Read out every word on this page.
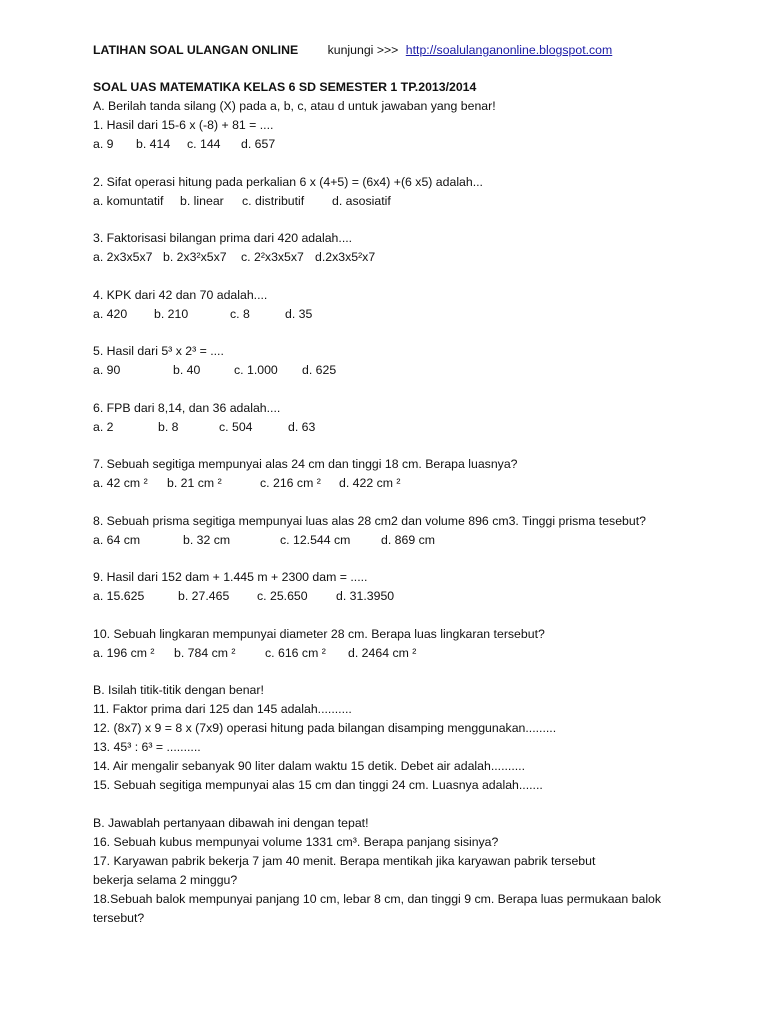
LATIHAN SOAL ULANGAN ONLINE kunjungi >>> http://soalulanganonline.blogspot.com
SOAL UAS MATEMATIKA KELAS 6 SD SEMESTER 1 TP.2013/2014
A. Berilah tanda silang (X) pada a, b, c, atau d untuk jawaban yang benar!
1. Hasil dari 15-6 x (-8) + 81 = ....
a. 9	b. 414	c. 144	d. 657
2. Sifat operasi hitung pada perkalian 6 x (4+5) = (6x4) +(6 x5) adalah...
a. komuntatif	b. linear	c. distributif	d. asosiatif
3. Faktorisasi bilangan prima dari 420 adalah....
a. 2x3x5x7 b. 2x3²x5x7	c. 2²x3x5x7 d.2x3x5²x7
4. KPK dari 42 dan 70 adalah....
a. 420	b. 210	c. 8	d. 35
5. Hasil dari 5³ x 2³ = ....
a. 90	b. 40	c. 1.000	d. 625
6. FPB dari 8,14, dan 36 adalah....
a. 2	b. 8	c. 504	d. 63
7. Sebuah segitiga mempunyai alas 24 cm dan tinggi 18 cm. Berapa luasnya?
a. 42 cm ²	b. 21 cm ²	c. 216 cm ²	d. 422 cm ²
8. Sebuah prisma segitiga mempunyai luas alas 28 cm2 dan volume 896 cm3. Tinggi prisma tesebut?
a. 64 cm	b. 32 cm	c. 12.544 cm	d. 869 cm
9. Hasil dari 152 dam + 1.445 m + 2300 dam = .....
a. 15.625	b. 27.465	c. 25.650	d. 31.3950
10. Sebuah lingkaran mempunyai diameter 28 cm. Berapa luas lingkaran tersebut?
a. 196 cm ²	b. 784 cm ²	c. 616 cm ²	d. 2464 cm ²
B. Isilah titik-titik dengan benar!
11. Faktor prima dari 125 dan 145 adalah..........
12. (8x7) x 9 = 8 x (7x9) operasi hitung pada bilangan disamping menggunakan.........
13. 45³ : 6³ = ..........
14. Air mengalir sebanyak 90 liter dalam waktu 15 detik. Debet air adalah..........
15. Sebuah segitiga mempunyai alas 15 cm dan tinggi 24 cm. Luasnya adalah.......
B. Jawablah pertanyaan dibawah ini dengan tepat!
16. Sebuah kubus mempunyai volume 1331 cm³. Berapa panjang sisinya?
17. Karyawan pabrik bekerja 7 jam 40 menit. Berapa mentikah jika karyawan pabrik tersebut bekerja selama 2 minggu?
18.Sebuah balok mempunyai panjang 10 cm, lebar 8 cm, dan tinggi 9 cm. Berapa luas permukaan balok tersebut?
